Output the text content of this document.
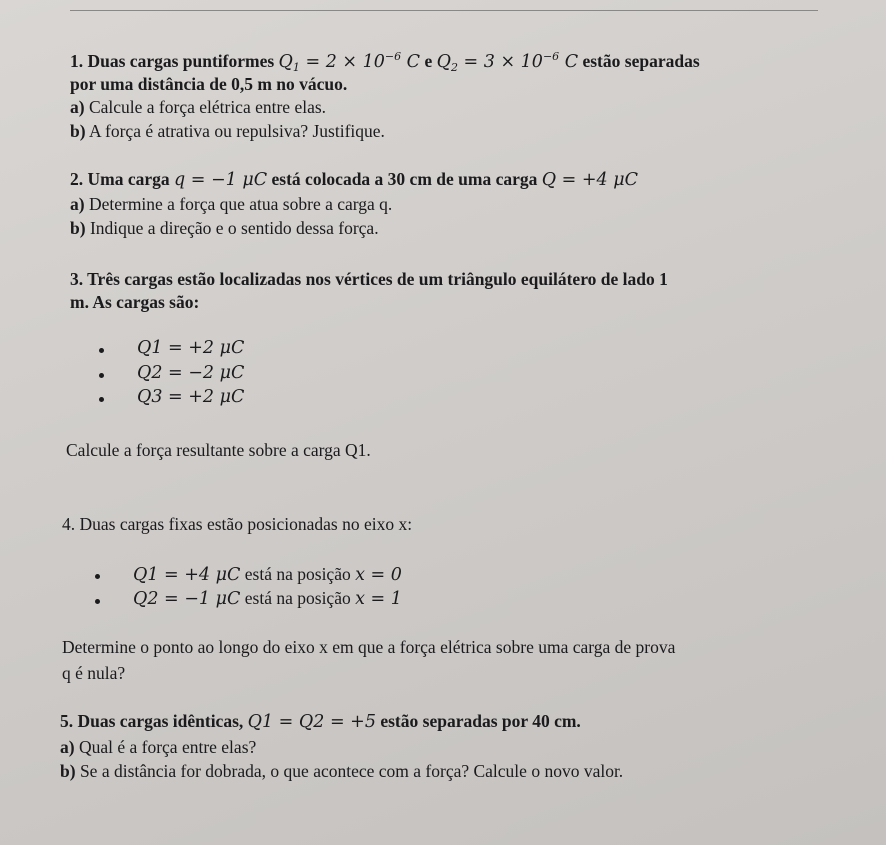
1. Duas cargas puntiformes $Q_1 = 2 \times 10^{-6}$ C e $Q_2 = 3 \times 10^{-6}$ C estão separadas
por uma distância de 0,5 m no vácuo.
a) Calcule a força elétrica entre elas.
b) A força é atrativa ou repulsiva? Justifique.
2. Uma carga q = −1 μC está colocada a 30 cm de uma carga Q = +4 μC
a) Determine a força que atua sobre a carga q.
b) Indique a direção e o sentido dessa força.
3. Três cargas estão localizadas nos vértices de um triângulo equilátero de lado 1
m. As cargas são:
Q1 = +2 μC
Q2 = −2 μC
Q3 = +2 μC
Calcule a força resultante sobre a carga Q1.
4. Duas cargas fixas estão posicionadas no eixo x:
Q1 = +4 μC está na posição x = 0
Q2 = −1 μC está na posição x = 1
Determine o ponto ao longo do eixo x em que a força elétrica sobre uma carga de prova
q é nula?
5. Duas cargas idênticas, Q1 = Q2 = +5 estão separadas por 40 cm.
a) Qual é a força entre elas?
b) Se a distância for dobrada, o que acontece com a força? Calcule o novo valor.
